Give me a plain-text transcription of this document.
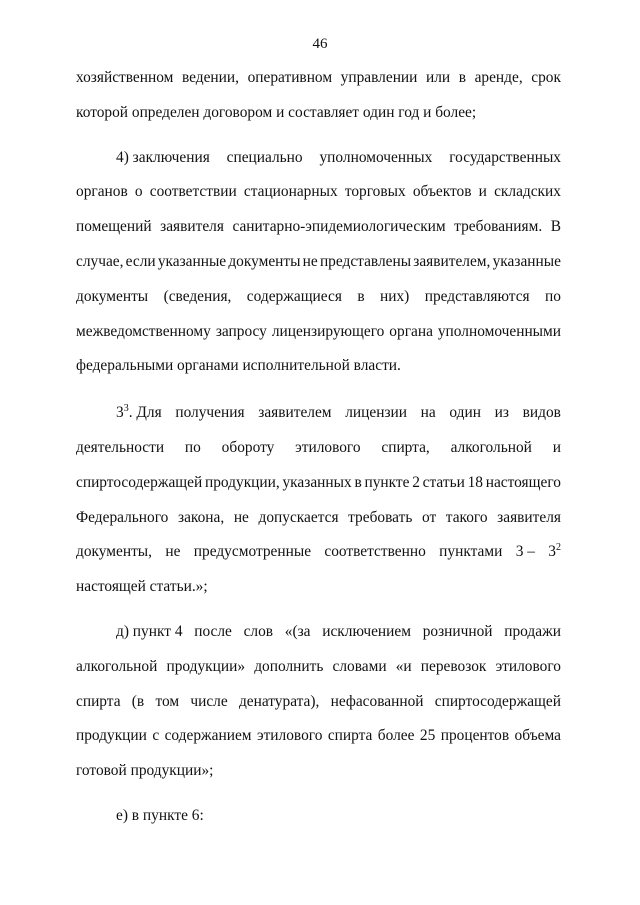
46
хозяйственном ведении, оперативном управлении или в аренде, срок
которой определен договором и составляет один год и более;
4) заключения специально уполномоченных государственных
органов о соответствии стационарных торговых объектов и складских
помещений заявителя санитарно-эпидемиологическим требованиям. В
случае, если указанные документы не представлены заявителем, указанные
документы (сведения, содержащиеся в них) представляются по
межведомственному запросу лицензирующего органа уполномоченными
федеральными органами исполнительной власти.
$3^3$. Для получения заявителем лицензии на один из видов
деятельности по обороту этилового спирта, алкогольной и
спиртосодержащей продукции, указанных в пункте 2 статьи 18 настоящего
Федерального закона, не допускается требовать от такого заявителя
документы, не предусмотренные соответственно пунктами $3 - 3^2$
настоящей статьи.»;
д) пункт 4 после слов «(за исключением розничной продажи
алкогольной продукции» дополнить словами «и перевозок этилового
спирта (в том числе денатурата), нефасованной спиртосодержащей
продукции с содержанием этилового спирта более 25 процентов объема
готовой продукции»;
е) в пункте 6:
